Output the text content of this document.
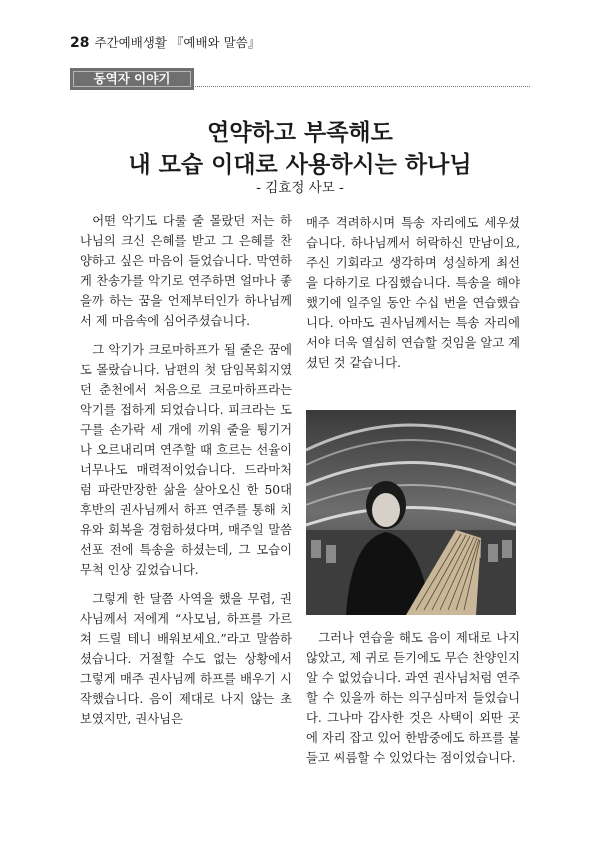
28 주간예배생활 『예배와 말씀』
동역자 이야기
연약하고 부족해도
내 모습 이대로 사용하시는 하나님
- 김효정 사모 -

어떤 악기도 다룰 줄 몰랐던 저는 하나님의 크신 은혜를 받고 그 은혜를 찬양하고 싶은 마음이 들었습니다. 막연하게 찬송가를 악기로 연주하면 얼마나 좋을까 하는 꿈을 언제부터인가 하나님께서 제 마음속에 심어주셨습니다.

그 악기가 크로마하프가 될 줄은 꿈에도 몰랐습니다. 남편의 첫 담임목회지였던 춘천에서 처음으로 크로마하프라는 악기를 접하게 되었습니다. 피크라는 도구를 손가락 세 개에 끼워 줄을 튕기거나 오르내리며 연주할 때 흐르는 선율이 너무나도 매력적이었습니다. 드라마처럼 파란만장한 삶을 살아오신 한 50대 후반의 권사님께서 하프 연주를 통해 치유와 회복을 경험하셨다며, 매주일 말씀선포 전에 특송을 하셨는데, 그 모습이 무척 인상 깊었습니다.

그렇게 한 달쯤 사역을 했을 무렵, 권사님께서 저에게 “사모님, 하프를 가르쳐 드릴 테니 배워보세요.”라고 말씀하셨습니다. 거절할 수도 없는 상황에서 그렇게 매주 권사님께 하프를 배우기 시작했습니다. 음이 제대로 나지 않는 초보였지만, 권사님은

매주 격려하시며 특송 자리에도 세우셨습니다. 하나님께서 허락하신 만남이요, 주신 기회라고 생각하며 성실하게 최선을 다하기로 다짐했습니다. 특송을 해야 했기에 일주일 동안 수십 번을 연습했습니다. 아마도 권사님께서는 특송 자리에 서야 더욱 열심히 연습할 것임을 알고 계셨던 것 같습니다.

그러나 연습을 해도 음이 제대로 나지 않았고, 제 귀로 듣기에도 무슨 찬양인지 알 수 없었습니다. 과연 권사님처럼 연주할 수 있을까 하는 의구심마저 들었습니다. 그나마 감사한 것은 사택이 외딴 곳에 자리 잡고 있어 한밤중에도 하프를 붙들고 씨름할 수 있었다는 점이었습니다.
